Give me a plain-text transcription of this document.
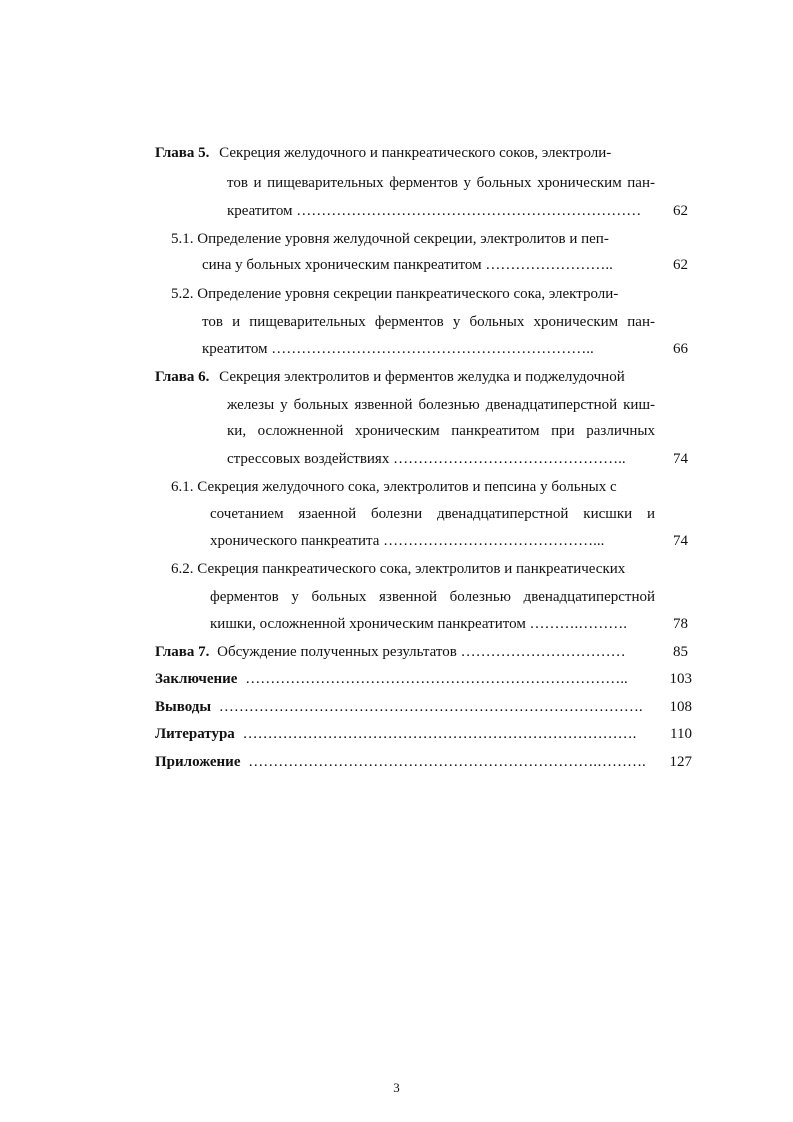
Глава 5. Секреция желудочного и панкреатического соков, электроли-
тов и пищеварительных ферментов у больных хроническим пан-
креатитом ……………………………………………………………	62
5.1. Определение уровня желудочной секреции, электролитов и пеп-
сина у больных хроническим панкреатитом ……………………..	62
5.2. Определение уровня секреции панкреатического сока, электроли-
тов и пищеварительных ферментов у больных хроническим пан-
креатитом ………………………………………………………..	66
Глава 6. Секреция электролитов и ферментов желудка и поджелудочной
железы у больных язвенной болезнью двенадцатиперстной киш-
ки, осложненной хроническим панкреатитом при различных
стрессовых воздействиях ………………………………………..	74
6.1. Секреция желудочного сока, электролитов и пепсина у больных с
сочетанием язаенной болезни двенадцатиперстной кисшки и
хронического панкреатита ……………………………………...	74
6.2. Секреция панкреатического сока, электролитов и панкреатических
ферментов у больных язвенной болезнью двенадцатиперстной
кишки, осложненной хроническим панкреатитом ……….……….	78
Глава 7. Обсуждение полученных результатов ……………………………	85
Заключение …………………………………………………………………..	103
Выводы ………………………………………………………………………….	108
Литература …………………………………………………………………….	110
Приложение …………………………………………………………….……….	127
3
